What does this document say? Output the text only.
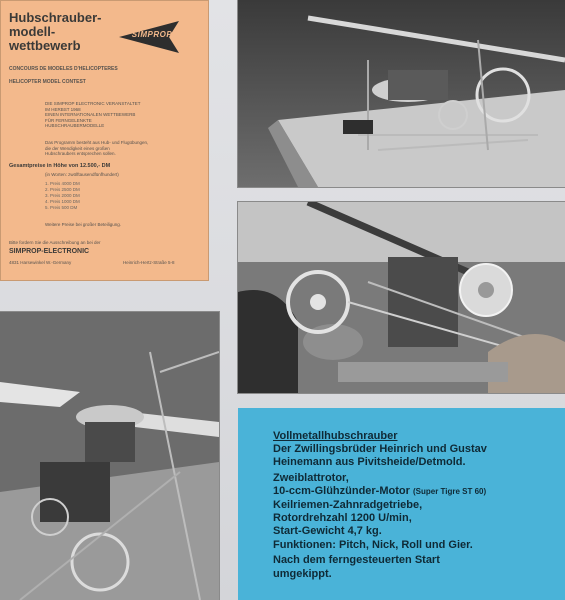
Hubschrauber-
modell-
wettbewerb
SIMPROP
CONCOURS DE MODELES D'HELICOPTERES
HELICOPTER MODEL CONTEST
DIE SIMPROP ELECTRONIC VERANSTALTET
IM HERBST 1968
EINEN INTERNATIONALEN WETTBEWERB
FÜR FERNGELENKTE
HUBSCHRAUBERMODELLE
Das Programm besteht aus Hub- und Flugübungen,
die der Wendigkeit eines großen
Hubschraubers entsprechen sollen.
Gesamtpreise in Höhe von 12.500,- DM
(in Worten: zwölftausendfünfhundert)
1. Preis 4000 DM
2. Preis 2500 DM
3. Preis 2000 DM
4. Preis 1000 DM
5. Preis 500 DM
Weitere Preise bei großer Beteiligung.
Bitte fordern Sie die Ausschreibung an bei der
SIMPROP-ELECTRONIC
4831 Harsewinkel W.-Germany	Heinrich-Hertz-Straße 5-8
Vollmetallhubschrauber
Der Zwillingsbrüder Heinrich und Gustav
Heinemann aus Pivitsheide/Detmold.
Zweiblattrotor,
10-ccm-Glühzünder-Motor (Super Tigre ST 60)
Keilriemen-Zahnradgetriebe,
Rotordrehzahl 1200 U/min,
Start-Gewicht 4,7 kg.
Funktionen: Pitch, Nick, Roll und Gier.
Nach dem ferngesteuerten Start
umgekippt.
